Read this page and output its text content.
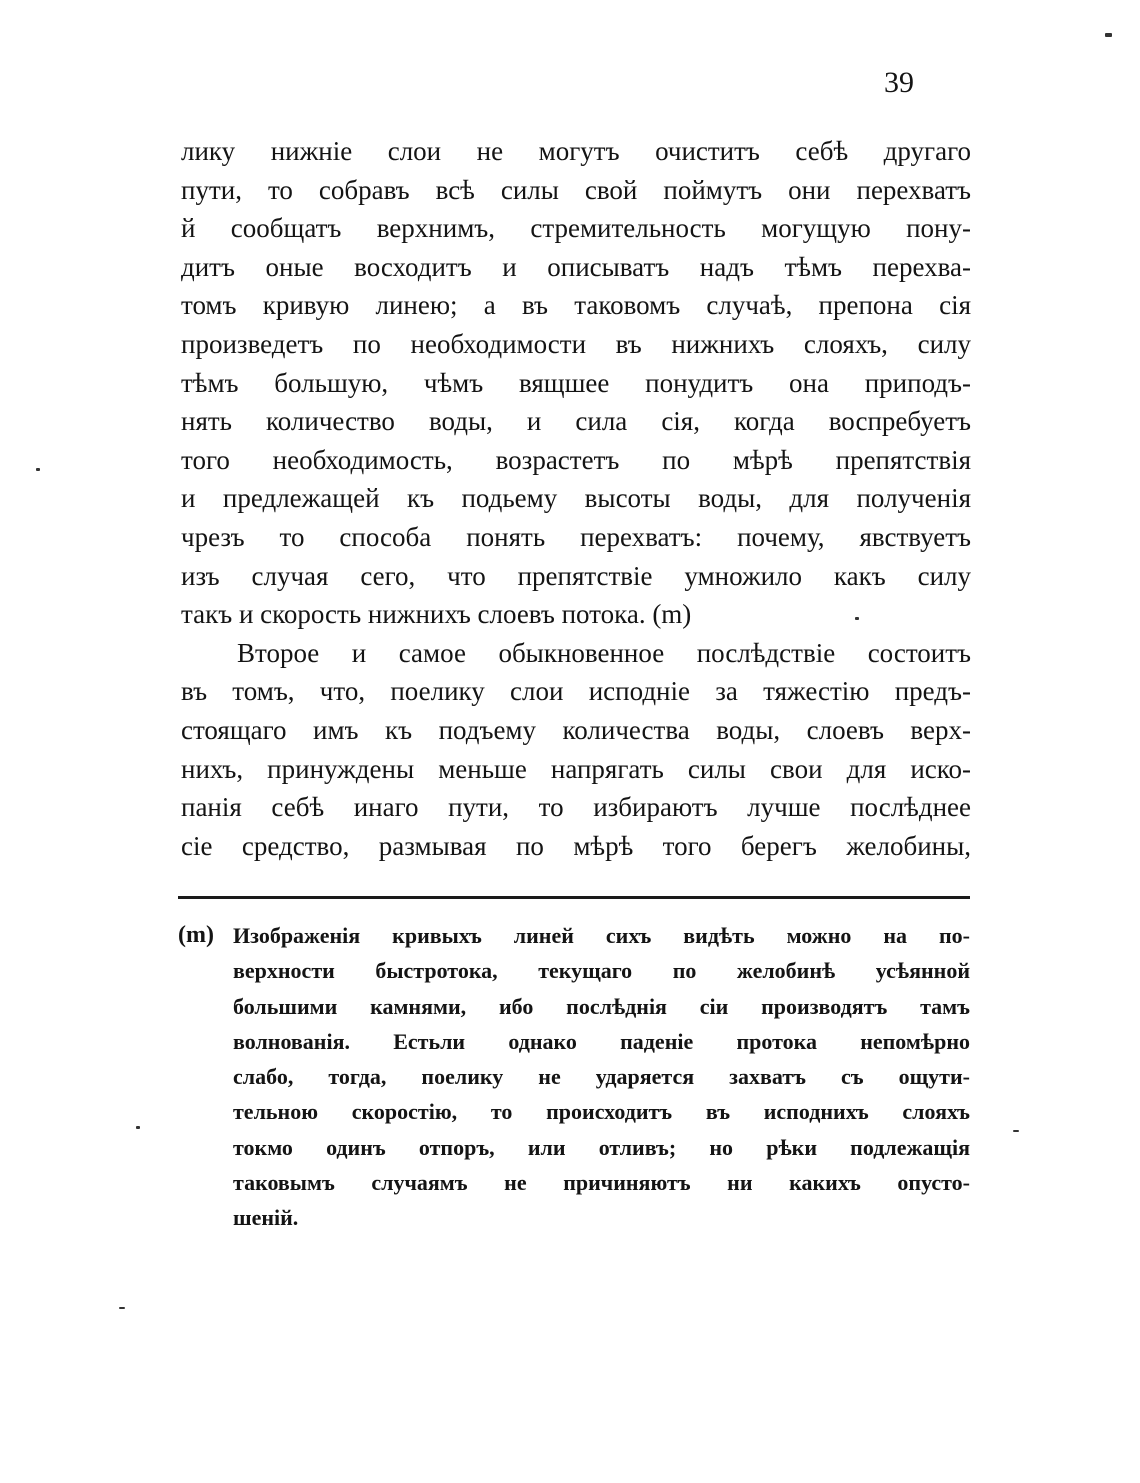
39
лику нижніе слои не могутъ очиститъ себѣ другаго
пути, то собравъ всѣ силы свой поймутъ они перехватъ
й сообщатъ верхнимъ, стремительность могущую пону-
дитъ оные восходитъ и описыватъ надъ тѣмъ перехва-
томъ кривую линею; а въ таковомъ случаѣ, препона сія
произведетъ по необходимости въ нижнихъ слояхъ, силу
тѣмъ большую, чѣмъ вящшее понудитъ она приподъ-
нять количество воды, и сила сія, когда воспребуетъ
того необходимость, возрастетъ по мѣрѣ препятствія
и предлежащей къ подьему высоты воды, для полученія
чрезъ то способа понять перехватъ: почему, явствуетъ
изъ случая сего, что препятствіе умножило какъ силу
такъ и скорость нижнихъ слоевъ потока. (m)
Второе и самое обыкновенное послѣдствіе состоитъ
въ томъ, что, поелику слои исподніе за тяжестію предъ-
стоящаго имъ къ подъему количества воды, слоевъ верх-
нихъ, принуждены меньше напрягать силы свои для иско-
панія себѣ инаго пути, то избираютъ лучше послѣднее
сіе средство, размывая по мѣрѣ того берегъ желобины,
(m) Изображенія кривыхъ линей сихъ видѣть можно на по-
верхности быстротока, текущаго по желобинѣ усѣянной
большими камнями, ибо послѣднія сіи производятъ тамъ
волнованія. Естьли однако паденіе протока непомѣрно
слабо, тогда, поелику не ударяется захватъ съ ощути-
тельною скоростію, то происходитъ въ исподнихъ слояхъ
токмо одинъ отпоръ, или отливъ; но рѣки подлежащія
таковымъ случаямъ не причиняютъ ни какихъ опусто-
шеній.
